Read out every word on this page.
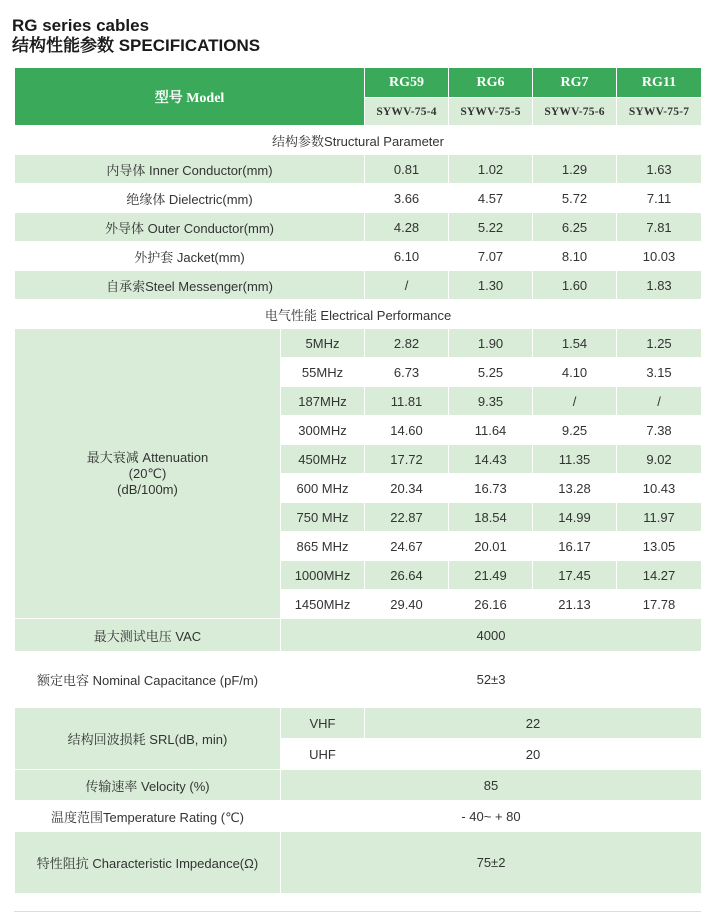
RG series cables
结构性能参数 SPECIFICATIONS
型号 Model		RG59	RG6	RG7	RG11
		SYWV-75-4	SYWV-75-5	SYWV-75-6	SYWV-75-7
结构参数Structural Parameter					
内导体 Inner Conductor(mm)		0.81	1.02	1.29	1.63
绝缘体 Dielectric(mm)		3.66	4.57	5.72	7.11
外导体 Outer Conductor(mm)		4.28	5.22	6.25	7.81
外护套 Jacket(mm)		6.10	7.07	8.10	10.03
自承索Steel Messenger(mm)		/	1.30	1.60	1.83
电气性能 Electrical Performance					

最大衰减 Attenuation
(20℃)
(dB/100m)	5MHz	2.82	1.90	1.54	1.25
	55MHz	6.73	5.25	4.10	3.15
	187MHz	11.81	9.35	/	/
	300MHz	14.60	11.64	9.25	7.38
	450MHz	17.72	14.43	11.35	9.02
	600 MHz	20.34	16.73	13.28	10.43
	750 MHz	22.87	18.54	14.99	11.97
	865 MHz	24.67	20.01	16.17	13.05
	1000MHz	26.64	21.49	17.45	14.27
	1450MHz	29.40	26.16	21.13	17.78
最大测试电压 VAC	4000				
额定电容 Nominal Capacitance (pF/m)	52±3				
结构回波损耗 SRL(dB, min)	VHF	22			
	UHF	20			
传输速率 Velocity (%)	85				
温度范围Temperature Rating (℃)	- 40~ + 80				
特性阻抗 Characteristic Impedance(Ω)	75±2				
